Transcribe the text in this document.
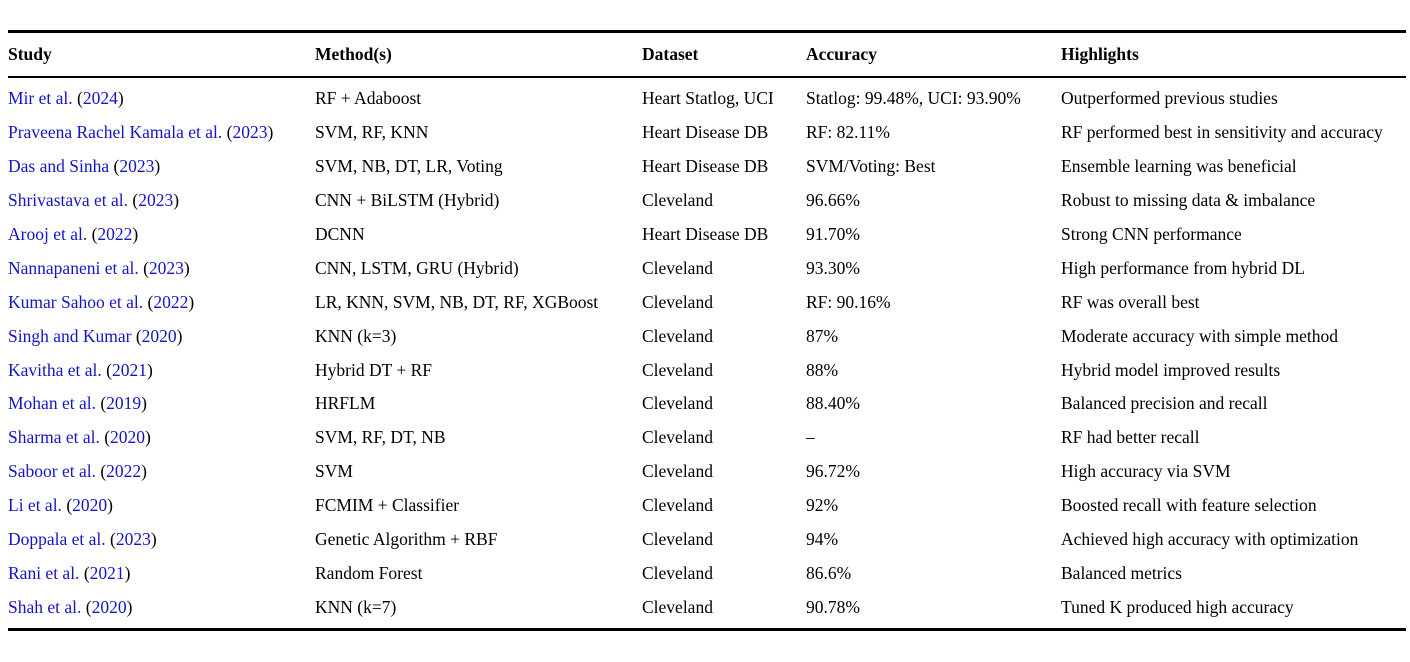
Study	Method(s)	Dataset	Accuracy	Highlights
Mir et al. (2024)	RF + Adaboost	Heart Statlog, UCI	Statlog: 99.48%, UCI: 93.90%	Outperformed previous studies
Praveena Rachel Kamala et al. (2023)	SVM, RF, KNN	Heart Disease DB	RF: 82.11%	RF performed best in sensitivity and accuracy
Das and Sinha (2023)	SVM, NB, DT, LR, Voting	Heart Disease DB	SVM/Voting: Best	Ensemble learning was beneficial
Shrivastava et al. (2023)	CNN + BiLSTM (Hybrid)	Cleveland	96.66%	Robust to missing data & imbalance
Arooj et al. (2022)	DCNN	Heart Disease DB	91.70%	Strong CNN performance
Nannapaneni et al. (2023)	CNN, LSTM, GRU (Hybrid)	Cleveland	93.30%	High performance from hybrid DL
Kumar Sahoo et al. (2022)	LR, KNN, SVM, NB, DT, RF, XGBoost	Cleveland	RF: 90.16%	RF was overall best
Singh and Kumar (2020)	KNN (k=3)	Cleveland	87%	Moderate accuracy with simple method
Kavitha et al. (2021)	Hybrid DT + RF	Cleveland	88%	Hybrid model improved results
Mohan et al. (2019)	HRFLM	Cleveland	88.40%	Balanced precision and recall
Sharma et al. (2020)	SVM, RF, DT, NB	Cleveland	–	RF had better recall
Saboor et al. (2022)	SVM	Cleveland	96.72%	High accuracy via SVM
Li et al. (2020)	FCMIM + Classifier	Cleveland	92%	Boosted recall with feature selection
Doppala et al. (2023)	Genetic Algorithm + RBF	Cleveland	94%	Achieved high accuracy with optimization
Rani et al. (2021)	Random Forest	Cleveland	86.6%	Balanced metrics
Shah et al. (2020)	KNN (k=7)	Cleveland	90.78%	Tuned K produced high accuracy
